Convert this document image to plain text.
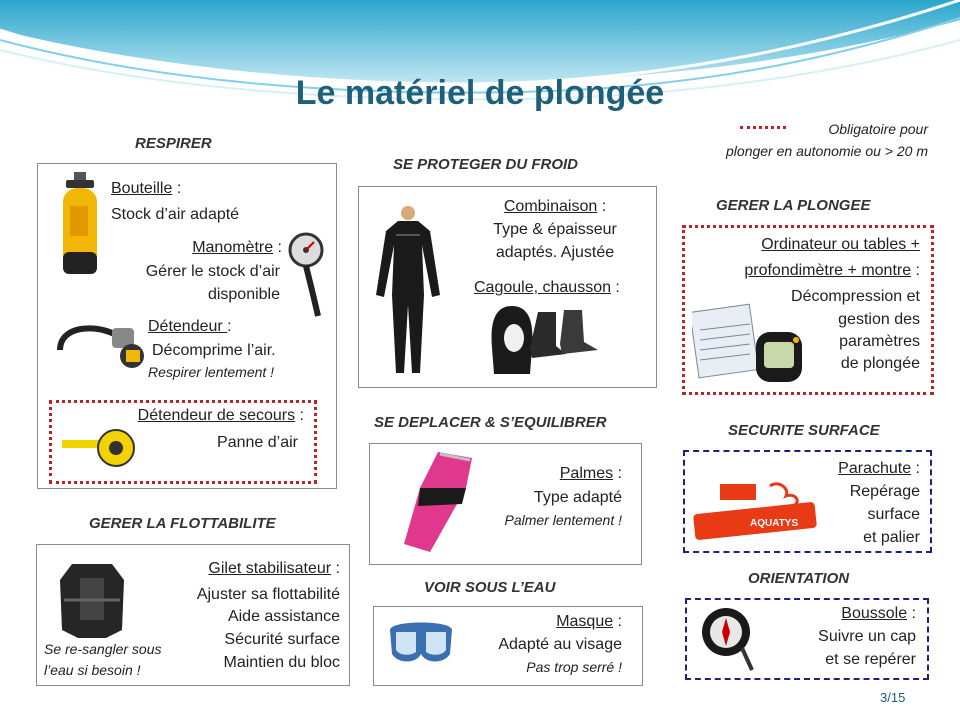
Le matériel de plongée
Obligatoire pour
plonger en autonomie ou > 20 m
RESPIRER
Bouteille :
Stock d’air adapté
Manomètre :
Gérer le stock d’air
disponible
Détendeur :
Décomprime l’air.
Respirer lentement !
Détendeur de secours :
Panne d’air
SE PROTEGER DU FROID
Combinaison :
Type & épaisseur
adaptés. Ajustée
Cagoule, chausson :
GERER LA PLONGEE
Ordinateur ou tables +
profondimètre + montre :
Décompression et
gestion des
paramètres
de plongée
SE DEPLACER & S’EQUILIBRER
Palmes :
Type adapté
Palmer lentement !
SECURITE SURFACE
AQUATYS
Parachute :
Repérage
surface
et palier
GERER LA FLOTTABILITE
Gilet stabilisateur :
Ajuster sa flottabilité
Aide assistance
Sécurité surface
Maintien du bloc
Se re-sangler sous
l’eau si besoin !
VOIR SOUS L’EAU
Masque :
Adapté au visage
Pas trop serré !
ORIENTATION
Boussole :
Suivre un cap
et se repérer
3/15
